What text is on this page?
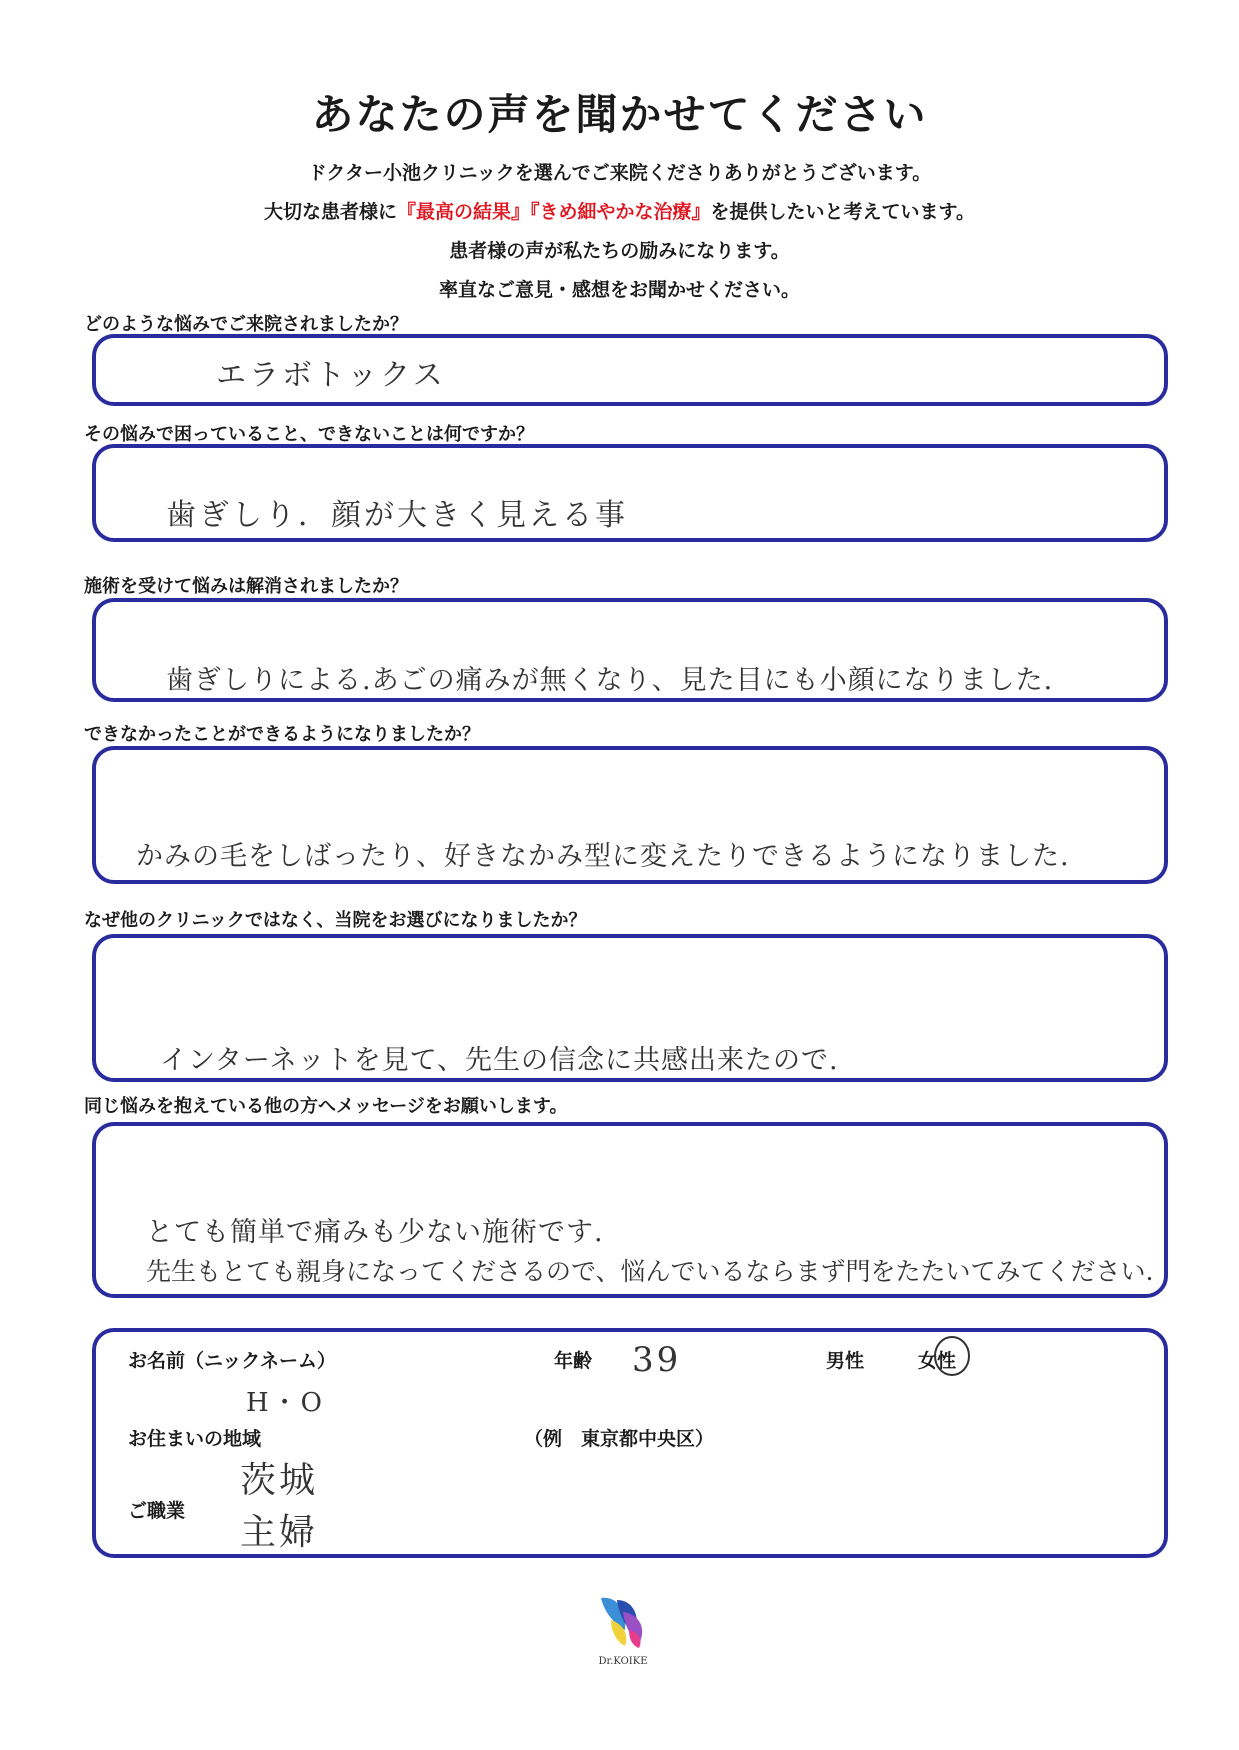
あなたの声を聞かせてください
ドクター小池クリニックを選んでご来院くださりありがとうございます。
大切な患者様に『最高の結果』『きめ細やかな治療』を提供したいと考えています。
患者様の声が私たちの励みになります。
率直なご意見・感想をお聞かせください。
どのような悩みでご来院されましたか？
エラボトックス
その悩みで困っていること、できないことは何ですか？
歯ぎしり．顔が大きく見える事
施術を受けて悩みは解消されましたか？
歯ぎしりによる.あごの痛みが無くなり、見た目にも小顔になりました.
できなかったことができるようになりましたか？
かみの毛をしばったり、好きなかみ型に変えたりできるようになりました.
なぜ他のクリニックではなく、当院をお選びになりましたか？
インターネットを見て、先生の信念に共感出来たので.
同じ悩みを抱えている他の方へメッセージをお願いします。
とても簡単で痛みも少ない施術です.
先生もとても親身になってくださるので、悩んでいるならまず門をたたいてみてください.
お名前（ニックネーム）
H・O
年齢 39	男性	女性
お住まいの地域	（例　東京都中央区）
茨城
ご職業
主婦
Dr.KOIKE
